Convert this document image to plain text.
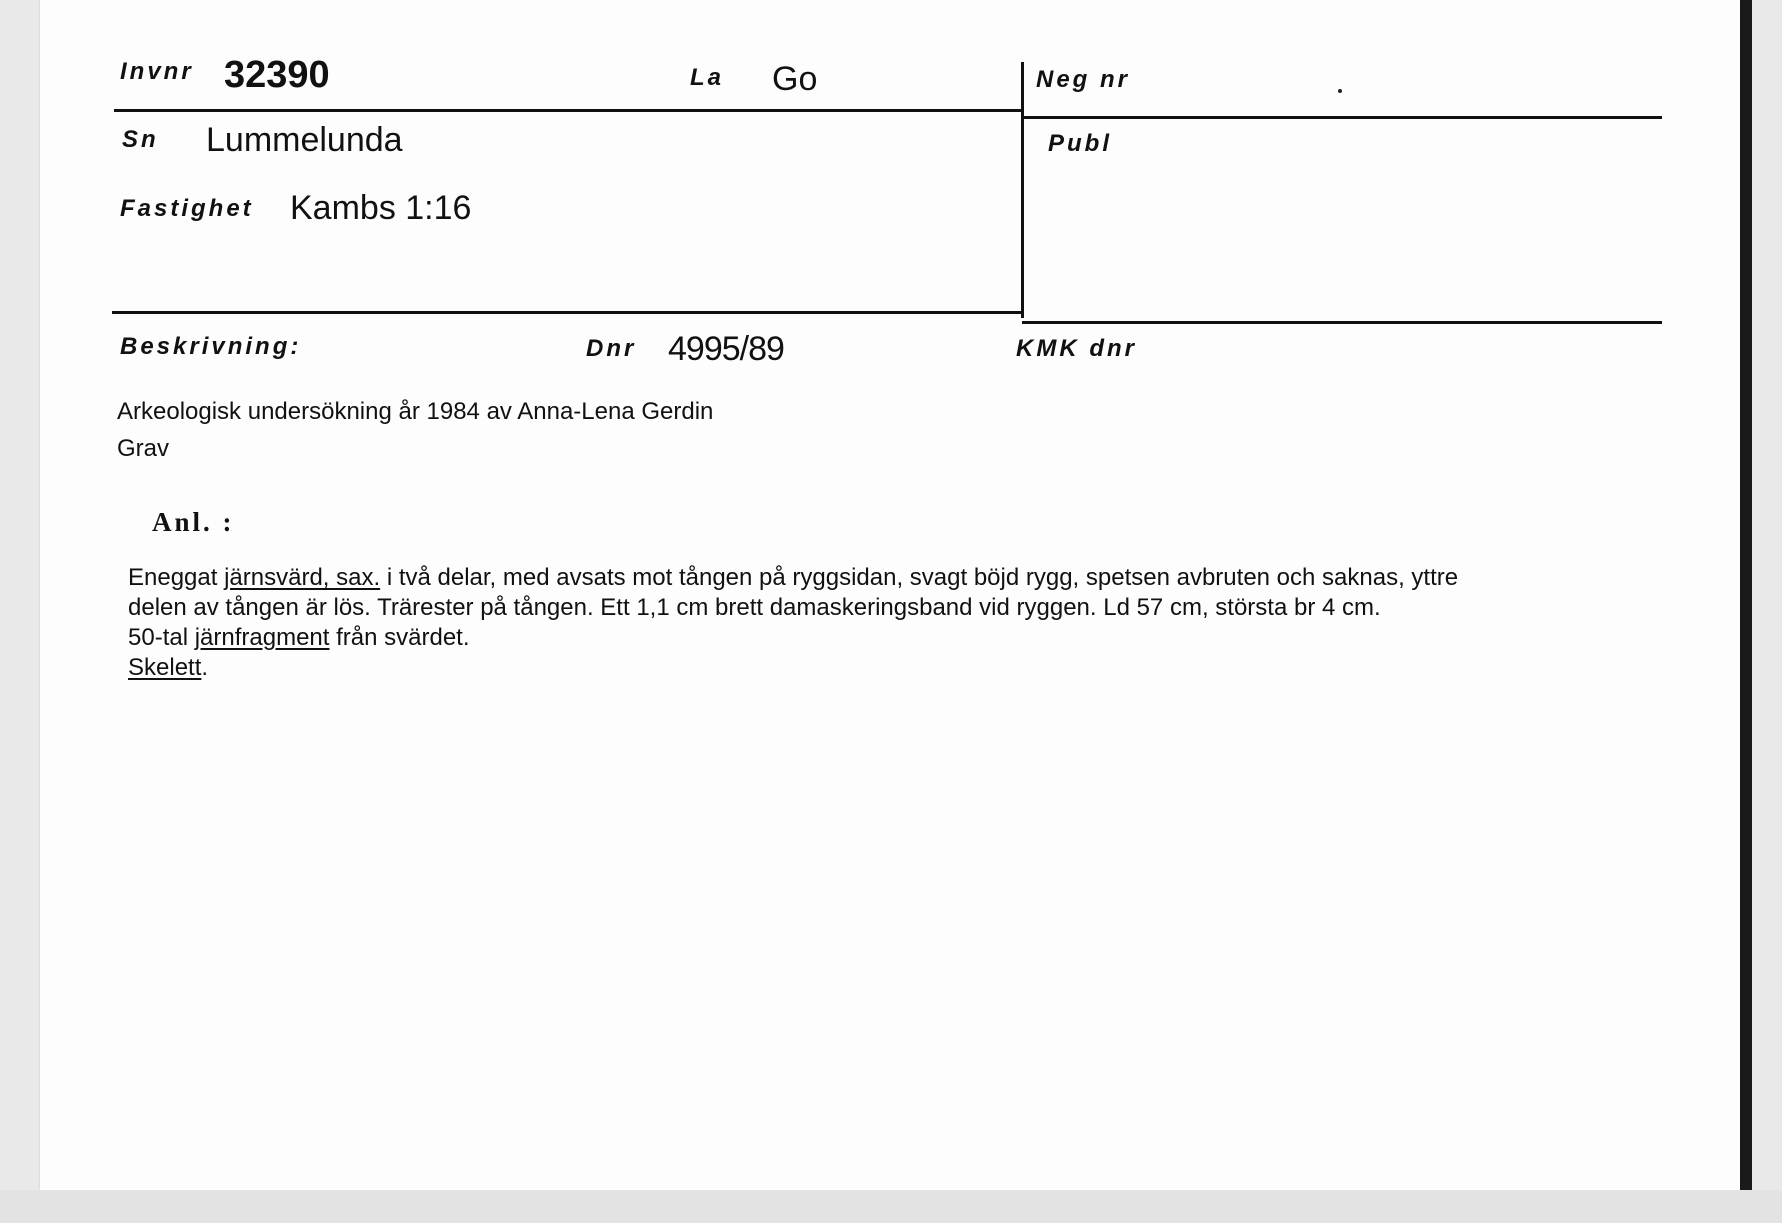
Invnr 32390	La Go	Neg nr
Sn Lummelunda	Publ
Fastighet Kambs 1:16
Beskrivning:	Dnr 4995/89	KMK dnr
Arkeologisk undersökning år 1984 av Anna-Lena Gerdin
Grav
Anl. :

Eneggat järnsvärd, sax. i två delar, med avsats mot tången på ryggsidan, svagt böjd rygg, spetsen avbruten och saknas, yttre

delen av tången är lös. Trärester på tången. Ett 1,1 cm brett damaskeringsband vid ryggen. Ld 57 cm, största br 4 cm.

50-tal järnfragment från svärdet.

Skelett.
